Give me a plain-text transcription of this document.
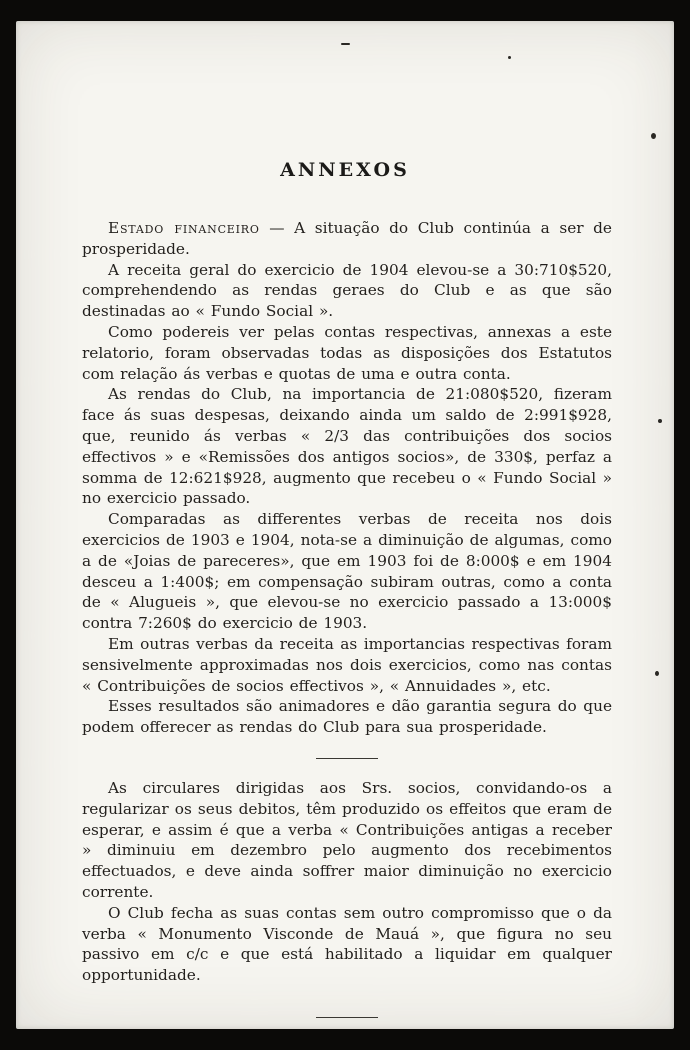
ANNEXOS

Estado financeiro — A situação do Club continúa a ser de prosperidade.

A receita geral do exercicio de 1904 elevou-se a 30:710$520, comprehendendo as rendas geraes do Club e as que são destinadas ao « Fundo Social ».

Como podereis ver pelas contas respectivas, annexas a este relatorio, foram observadas todas as disposições dos Estatutos com relação ás verbas e quotas de uma e outra conta.

As rendas do Club, na importancia de 21:080$520, fizeram face ás suas despesas, deixando ainda um saldo de 2:991$928, que, reunido ás verbas « 2/3 das contribuições dos socios effectivos » e «Remissões dos antigos socios», de 330$, perfaz a somma de 12:621$928, augmento que recebeu o « Fundo Social » no exercicio passado.

Comparadas as differentes verbas de receita nos dois exercicios de 1903 e 1904, nota-se a diminuição de algumas, como a de «Joias de pareceres», que em 1903 foi de 8:000$ e em 1904 desceu a 1:400$; em compensação subiram outras, como a conta de « Alugueis », que elevou-se no exercicio passado a 13:000$ contra 7:260$ do exercicio de 1903.

Em outras verbas da receita as importancias respectivas foram sensivelmente approximadas nos dois exercicios, como nas contas « Contribuições de socios effectivos », « Annuidades », etc.

Esses resultados são animadores e dão garantia segura do que podem offerecer as rendas do Club para sua prosperidade.

As circulares dirigidas aos Srs. socios, convidando-os a regularizar os seus debitos, têm produzido os effeitos que eram de esperar, e assim é que a verba « Contribuições antigas a receber » diminuiu em dezembro pelo augmento dos recebimentos effectuados, e deve ainda soffrer maior diminuição no exercicio corrente.

O Club fecha as suas contas sem outro compromisso que o da verba « Monumento Visconde de Mauá », que figura no seu passivo em c/c e que está habilitado a liquidar em qualquer opportunidade.
